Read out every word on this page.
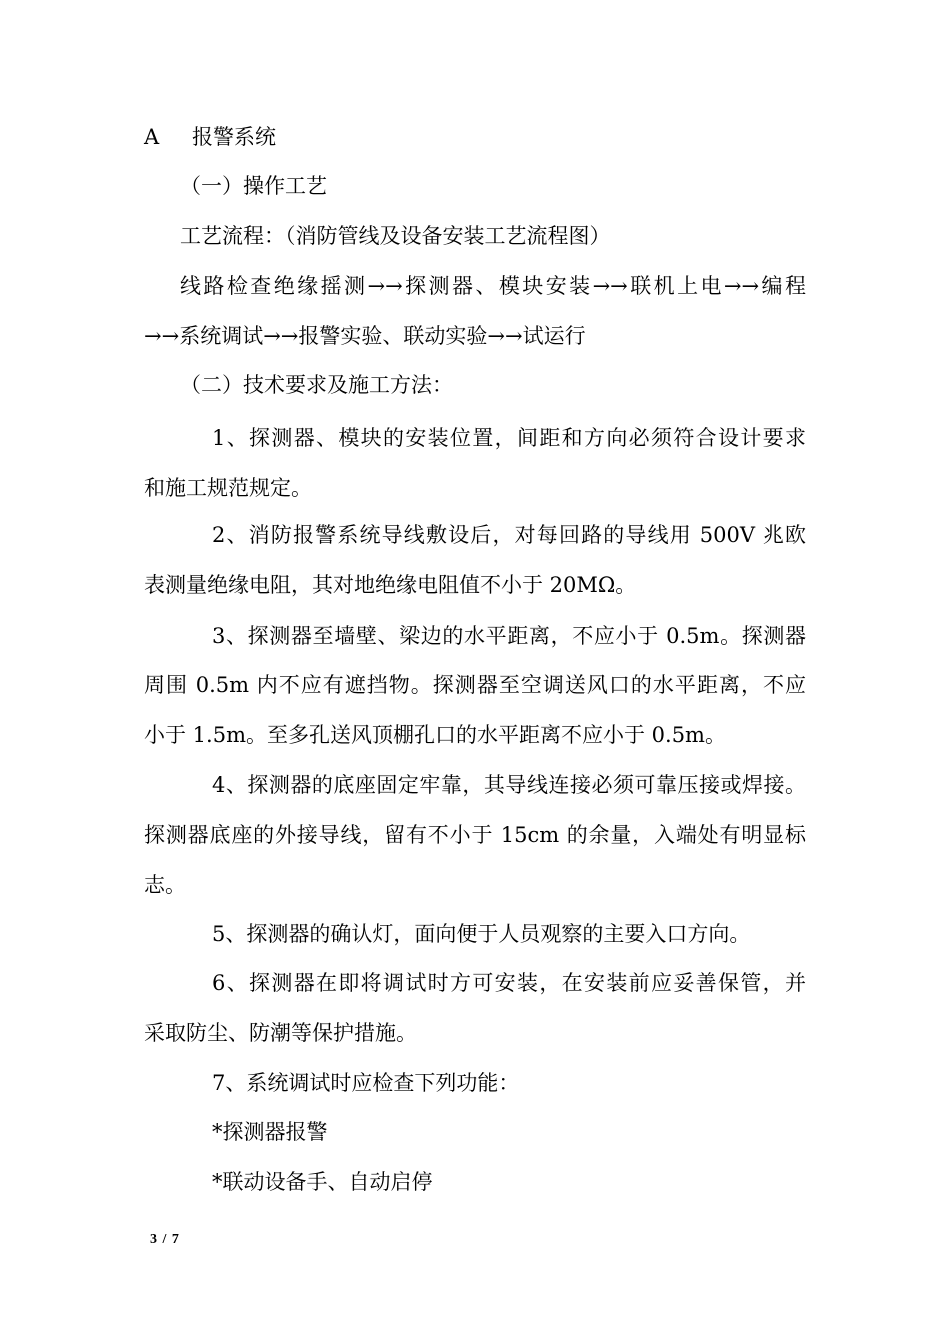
A 报警系统
（一）操作工艺
工艺流程：（消防管线及设备安装工艺流程图）
线路检查绝缘摇测→→探测器、模块安装→→联机上电→→编程
→→系统调试→→报警实验、联动实验→→试运行
（二）技术要求及施工方法：
1、探测器、模块的安装位置，间距和方向必须符合设计要求
和施工规范规定。
2、消防报警系统导线敷设后，对每回路的导线用 500V 兆欧
表测量绝缘电阻，其对地绝缘电阻值不小于 20MΩ。
3、探测器至墙壁、梁边的水平距离，不应小于 0.5m。探测器
周围 0.5m 内不应有遮挡物。探测器至空调送风口的水平距离，不应
小于 1.5m。至多孔送风顶棚孔口的水平距离不应小于 0.5m。
4、探测器的底座固定牢靠，其导线连接必须可靠压接或焊接。
探测器底座的外接导线，留有不小于 15cm 的余量，入端处有明显标
志。
5、探测器的确认灯，面向便于人员观察的主要入口方向。
6、探测器在即将调试时方可安装，在安装前应妥善保管，并
采取防尘、防潮等保护措施。
7、系统调试时应检查下列功能：
*探测器报警
*联动设备手、自动启停
3 / 7
